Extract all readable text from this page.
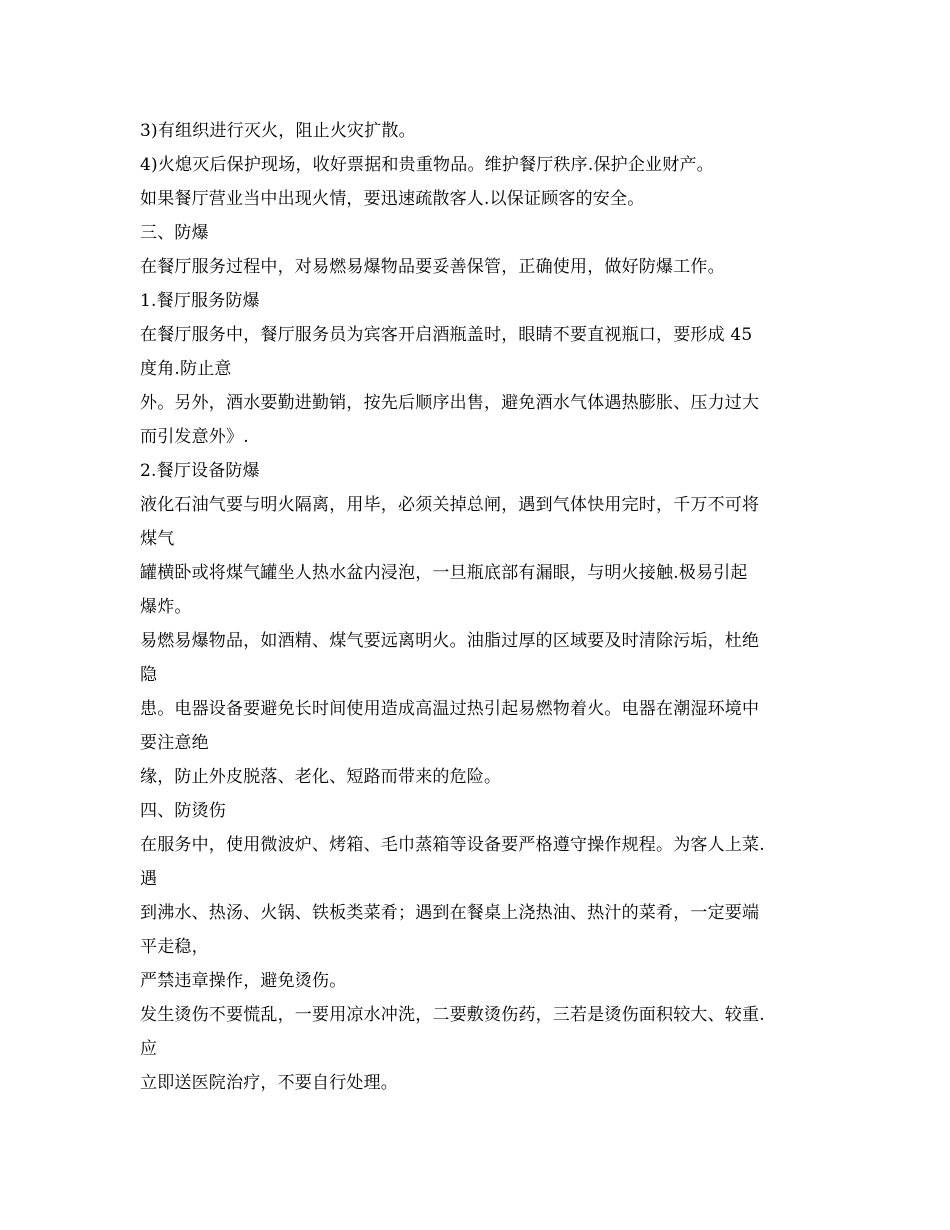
3)有组织进行灭火，阻止火灾扩散。
4)火熄灭后保护现场，收好票据和贵重物品。维护餐厅秩序.保护企业财产。
如果餐厅营业当中出现火情，要迅速疏散客人.以保证顾客的安全。
三、防爆
在餐厅服务过程中，对易燃易爆物品要妥善保管，正确使用，做好防爆工作。
1.餐厅服务防爆
在餐厅服务中，餐厅服务员为宾客开启酒瓶盖时，眼睛不要直视瓶口，要形成 45
度角.防止意
外。另外，酒水要勤进勤销，按先后顺序出售，避免酒水气体遇热膨胀、压力过大
而引发意外》.
2.餐厅设备防爆
液化石油气要与明火隔离，用毕，必须关掉总闸，遇到气体快用完时，千万不可将
煤气
罐横卧或将煤气罐坐人热水盆内浸泡，一旦瓶底部有漏眼，与明火接触.极易引起
爆炸。
易燃易爆物品，如酒精、煤气要远离明火。油脂过厚的区域要及时清除污垢，杜绝
隐
患。电器设备要避免长时间使用造成高温过热引起易燃物着火。电器在潮湿环境中
要注意绝
缘，防止外皮脱落、老化、短路而带来的危险。
四、防烫伤
在服务中，使用微波炉、烤箱、毛巾蒸箱等设备要严格遵守操作规程。为客人上菜.
遇
到沸水、热汤、火锅、铁板类菜肴；遇到在餐桌上浇热油、热汁的菜肴，一定要端
平走稳，
严禁违章操作，避免烫伤。
发生烫伤不要慌乱，一要用凉水冲洗，二要敷烫伤药，三若是烫伤面积较大、较重.
应
立即送医院治疗，不要自行处理。
